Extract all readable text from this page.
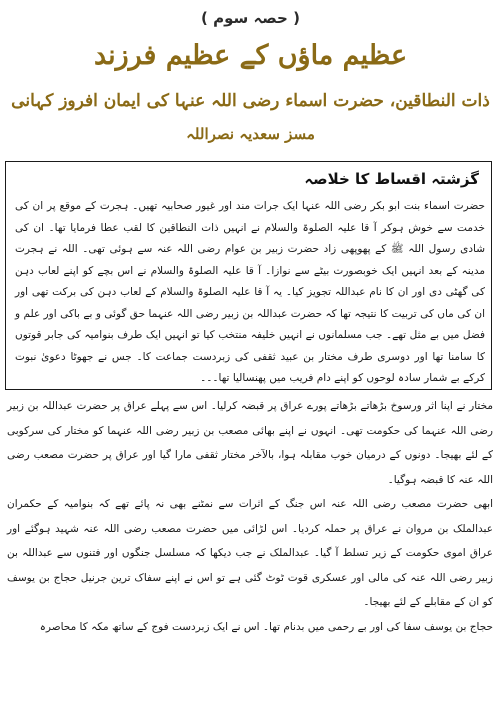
( حصہ سوم )
عظیم ماؤں کے عظیم فرزند
ذات النطاقین، حضرت اسماء رضی اللہ عنہا کی ایمان افروز کہانی
مسز سعدیہ نصراللہ
گزشتہ اقساط کا خلاصہ
حضرت اسماء بنت ابو بکر رضی اللہ عنہا ایک جرات مند اور غیور صحابیہ تھیں۔ ہجرت کے موقع پر ان کی خدمت سے خوش ہوکر آ قا علیہ الصلوۃ والسلام نے انہیں ذات النطاقین کا لقب عطا فرمایا تھا۔ ان کی شادی رسول اللہ ﷺ کے پھوپھی زاد حضرت زبیر بن عوام رضی اللہ عنہ سے ہوئی تھی۔ اللہ نے ہجرت مدینہ کے بعد انہیں ایک خوبصورت بیٹے سے نوازا۔ آ قا علیہ الصلوۃ والسلام نے اس بچے کو اپنے لعاب دہن کی گھٹی دی اور ان کا نام عبداللہ تجویز کیا۔ یہ آ قا علیہ الصلوۃ والسلام کے لعاب دہن کی برکت تھی اور ان کی ماں کی تربیت کا نتیجہ تھا کہ حضرت عبداللہ بن زبیر رضی اللہ عنہما حق گوئی و بے باکی اور علم و فضل میں بے مثل تھے۔ جب مسلمانوں نے انہیں خلیفہ منتخب کیا تو انہیں ایک طرف بنوامیہ کی جابر قوتوں کا سامنا تھا اور دوسری طرف مختار بن عبید ثقفی کی زبردست جماعت کا۔ جس نے جھوٹا دعویٰ نبوت کرکے بے شمار سادہ لوحوں کو اپنے دام فریب میں پھنسالیا تھا۔۔۔

مختار نے اپنا اثر ورسوخ بڑھاتے بڑھاتے پورے عراق پر قبضہ کرلیا۔ اس سے پہلے عراق پر حضرت عبداللہ بن زبیر رضی اللہ عنہما کی حکومت تھی۔ انہوں نے اپنے بھائی مصعب بن زبیر رضی اللہ عنہما کو مختار کی سرکوبی کے لئے بھیجا۔ دونوں کے درمیان خوب مقابلہ ہوا، بالآخر مختار ثقفی مارا گیا اور عراق پر حضرت مصعب رضی اللہ عنہ کا قبضہ ہوگیا۔

ابھی حضرت مصعب رضی اللہ عنہ اس جنگ کے اثرات سے نمٹنے بھی نہ پائے تھے کہ بنوامیہ کے حکمران عبدالملک بن مروان نے عراق پر حملہ کردیا۔ اس لڑائی میں حضرت مصعب رضی اللہ عنہ شہید ہوگئے اور عراق اموی حکومت کے زیر تسلط آ گیا۔ عبدالملک نے جب دیکھا کہ مسلسل جنگوں اور فتنوں سے عبداللہ بن زبیر رضی اللہ عنہ کی مالی اور عسکری قوت ٹوٹ گئی ہے تو اس نے اپنے سفاک ترین جرنیل حجاج بن یوسف کو ان کے مقابلے کے لئے بھیجا۔

حجاج بن یوسف سفا کی اور بے رحمی میں بدنام تھا۔ اس نے ایک زبردست فوج کے ساتھ مکہ کا محاصرہ
